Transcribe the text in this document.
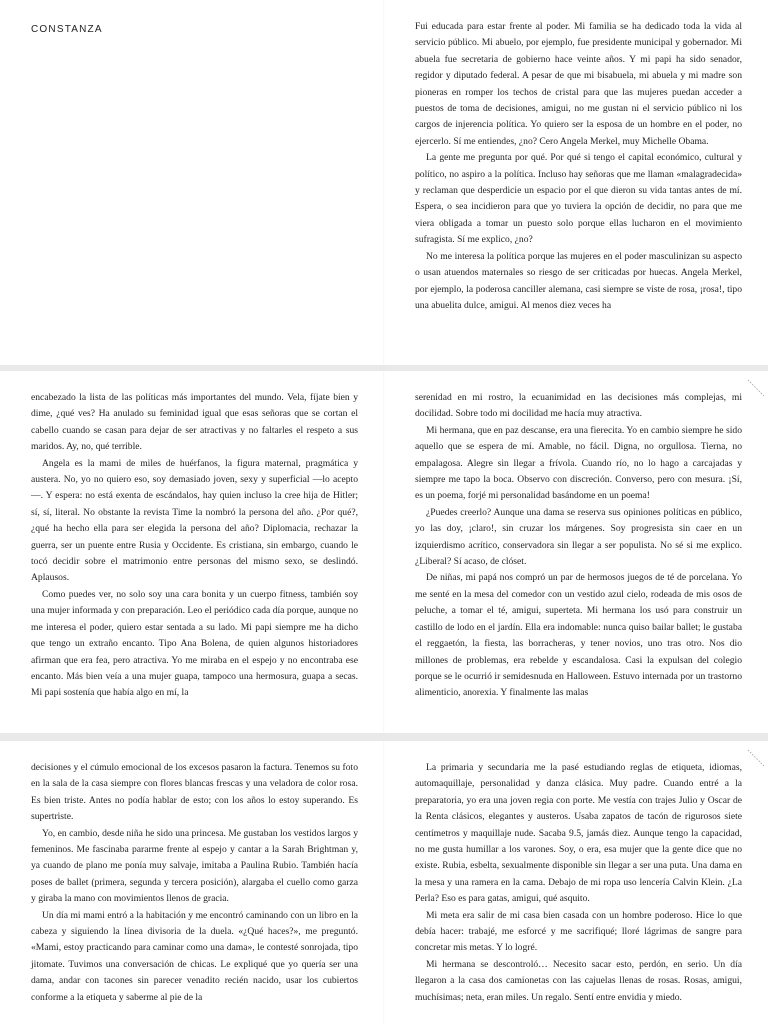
CONSTANZA	Fui educada para estar frente al poder. Mi familia se ha dedicado toda la vida al servicio público. Mi abuelo, por ejemplo, fue presidente municipal y gobernador. Mi abuela fue secretaria de gobierno hace veinte años. Y mi papi ha sido senador, regidor y diputado federal. A pesar de que mi bisabuela, mi abuela y mi madre son pioneras en romper los techos de cristal para que las mujeres puedan acceder a puestos de toma de decisiones, amigui, no me gustan ni el servicio público ni los cargos de injerencia política. Yo quiero ser la esposa de un hombre en el poder, no ejercerlo. Sí me entiendes, ¿no? Cero Angela Merkel, muy Michelle Obama.

La gente me pregunta por qué. Por qué si tengo el capital económico, cultural y político, no aspiro a la política. Incluso hay señoras que me llaman «malagradecida» y reclaman que desperdicie un espacio por el que dieron su vida tantas antes de mí. Espera, o sea incidieron para que yo tuviera la opción de decidir, no para que me viera obligada a tomar un puesto solo porque ellas lucharon en el movimiento sufragista. Sí me explico, ¿no?

No me interesa la política porque las mujeres en el poder masculinizan su aspecto o usan atuendos maternales so riesgo de ser criticadas por huecas. Angela Merkel, por ejemplo, la poderosa canciller alemana, casi siempre se viste de rosa, ¡rosa!, tipo una abuelita dulce, amigui. Al menos diez veces ha

encabezado la lista de las políticas más importantes del mundo. Vela, fíjate bien y dime, ¿qué ves? Ha anulado su feminidad igual que esas señoras que se cortan el cabello cuando se casan para dejar de ser atractivas y no faltarles el respeto a sus maridos. Ay, no, qué terrible.

Angela es la mami de miles de huérfanos, la figura maternal, pragmática y austera. No, yo no quiero eso, soy demasiado joven, sexy y superficial —lo acepto—. Y espera: no está exenta de escándalos, hay quien incluso la cree hija de Hitler; sí, sí, literal. No obstante la revista Time la nombró la persona del año. ¿Por qué?, ¿qué ha hecho ella para ser elegida la persona del año? Diplomacia, rechazar la guerra, ser un puente entre Rusia y Occidente. Es cristiana, sin embargo, cuando le tocó decidir sobre el matrimonio entre personas del mismo sexo, se deslindó. Aplausos.

Como puedes ver, no solo soy una cara bonita y un cuerpo fitness, también soy una mujer informada y con preparación. Leo el periódico cada día porque, aunque no me interesa el poder, quiero estar sentada a su lado. Mi papi siempre me ha dicho que tengo un extraño encanto. Tipo Ana Bolena, de quien algunos historiadores afirman que era fea, pero atractiva. Yo me miraba en el espejo y no encontraba ese encanto. Más bien veía a una mujer guapa, tampoco una hermosura, guapa a secas. Mi papi sostenía que había algo en mí, la

serenidad en mi rostro, la ecuanimidad en las decisiones más complejas, mi docilidad. Sobre todo mi docilidad me hacía muy atractiva.

Mi hermana, que en paz descanse, era una fierecita. Yo en cambio siempre he sido aquello que se espera de mí. Amable, no fácil. Digna, no orgullosa. Tierna, no empalagosa. Alegre sin llegar a frívola. Cuando río, no lo hago a carcajadas y siempre me tapo la boca. Observo con discreción. Converso, pero con mesura. ¡Sí, es un poema, forjé mi personalidad basándome en un poema!

¿Puedes creerlo? Aunque una dama se reserva sus opiniones políticas en público, yo las doy, ¡claro!, sin cruzar los márgenes. Soy progresista sin caer en un izquierdismo acrítico, conservadora sin llegar a ser populista. No sé si me explico. ¿Liberal? Sí acaso, de clóset.

De niñas, mi papá nos compró un par de hermosos juegos de té de porcelana. Yo me senté en la mesa del comedor con un vestido azul cielo, rodeada de mis osos de peluche, a tomar el té, amigui, superteta. Mi hermana los usó para construir un castillo de lodo en el jardín. Ella era indomable: nunca quiso bailar ballet; le gustaba el reggaetón, la fiesta, las borracheras, y tener novios, uno tras otro. Nos dio millones de problemas, era rebelde y escandalosa. Casi la expulsan del colegio porque se le ocurrió ir semidesnuda en Halloween. Estuvo internada por un trastorno alimenticio, anorexia. Y finalmente las malas

decisiones y el cúmulo emocional de los excesos pasaron la factura. Tenemos su foto en la sala de la casa siempre con flores blancas frescas y una veladora de color rosa. Es bien triste. Antes no podía hablar de esto; con los años lo estoy superando. Es supertriste.

Yo, en cambio, desde niña he sido una princesa. Me gustaban los vestidos largos y femeninos. Me fascinaba pararme frente al espejo y cantar a la Sarah Brightman y, ya cuando de plano me ponía muy salvaje, imitaba a Paulina Rubio. También hacía poses de ballet (primera, segunda y tercera posición), alargaba el cuello como garza y giraba la mano con movimientos llenos de gracia.

Un día mi mami entró a la habitación y me encontró caminando con un libro en la cabeza y siguiendo la línea divisoria de la duela. «¿Qué haces?», me preguntó. «Mami, estoy practicando para caminar como una dama», le contesté sonrojada, tipo jitomate. Tuvimos una conversación de chicas. Le expliqué que yo quería ser una dama, andar con tacones sin parecer venadito recién nacido, usar los cubiertos conforme a la etiqueta y saberme al pie de la

La primaria y secundaria me la pasé estudiando reglas de etiqueta, idiomas, automaquillaje, personalidad y danza clásica. Muy padre. Cuando entré a la preparatoria, yo era una joven regia con porte. Me vestía con trajes Julio y Oscar de la Renta clásicos, elegantes y austeros. Usaba zapatos de tacón de rigurosos siete centímetros y maquillaje nude. Sacaba 9.5, jamás diez. Aunque tengo la capacidad, no me gusta humillar a los varones. Soy, o era, esa mujer que la gente dice que no existe. Rubia, esbelta, sexualmente disponible sin llegar a ser una puta. Una dama en la mesa y una ramera en la cama. Debajo de mi ropa uso lencería Calvin Klein. ¿La Perla? Eso es para gatas, amigui, qué asquito.

Mi meta era salir de mi casa bien casada con un hombre poderoso. Hice lo que debía hacer: trabajé, me esforcé y me sacrifiqué; lloré lágrimas de sangre para concretar mis metas. Y lo logré.

Mi hermana se descontroló… Necesito sacar esto, perdón, en serio. Un día llegaron a la casa dos camionetas con las cajuelas llenas de rosas. Rosas, amigui, muchísimas; neta, eran miles. Un regalo. Sentí entre envidia y miedo.
